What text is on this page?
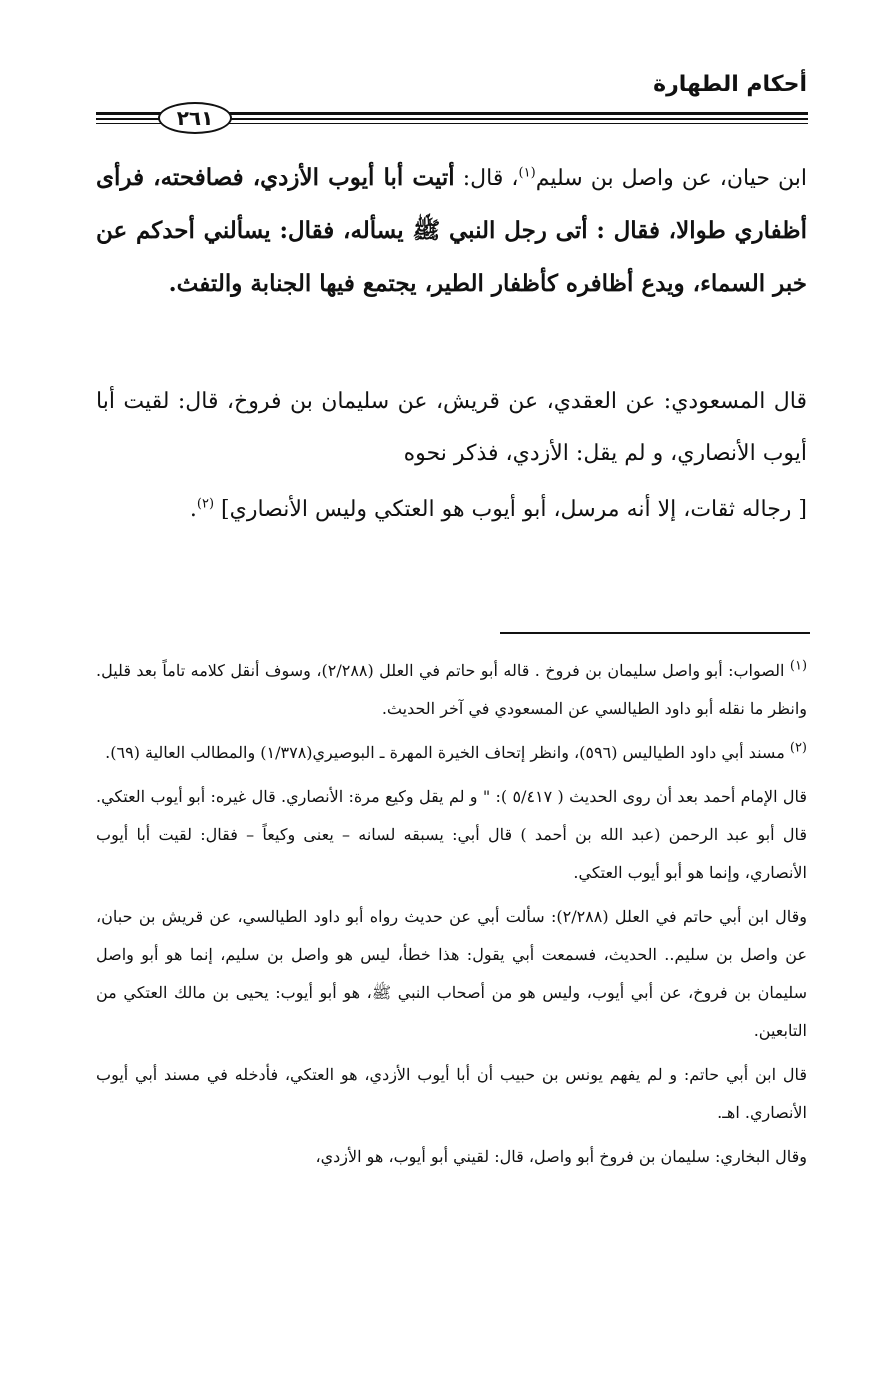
أحكام الطهارة
٢٦١

ابن حيان، عن واصل بن سليم$^{(١)}$، قال: أتيت أبا أيوب الأزدي، فصافحته، فرأى أظفاري طوالا، فقال : أتى رجل النبي ﷺ يسأله، فقال: يسألني أحدكم عن خبر السماء، ويدع أظافره كأظفار الطير، يجتمع فيها الجنابة والتفث.

قال المسعودي: عن العقدي، عن قريش، عن سليمان بن فروخ، قال: لقيت أبا أيوب الأنصاري، و لم يقل: الأزدي، فذكر نحوه

[ رجاله ثقات، إلا أنه مرسل، أبو أيوب هو العتكي وليس الأنصاري] $^{(٢)}$.

$^{(١)}$ الصواب: أبو واصل سليمان بن فروخ . قاله أبو حاتم في العلل (٢/٢٨٨)، وسوف أنقل كلامه تاماً بعد قليل. وانظر ما نقله أبو داود الطيالسي عن المسعودي في آخر الحديث.

$^{(٢)}$ مسند أبي داود الطياليس (٥٩٦)، وانظر إتحاف الخيرة المهرة ـ البوصيري(١/٣٧٨) والمطالب العالية (٦٩).

قال الإمام أحمد بعد أن روى الحديث ( ٥/٤١٧ ): " و لم يقل وكيع مرة: الأنصاري. قال غيره: أبو أيوب العتكي. قال أبو عبد الرحمن (عبد الله بن أحمد ) قال أبي: يسبقه لسانه – يعنى وكيعاً – فقال: لقيت أبا أيوب الأنصاري، وإنما هو أبو أيوب العتكي.

وقال ابن أبي حاتم في العلل (٢/٢٨٨): سألت أبي عن حديث رواه أبو داود الطيالسي، عن قريش بن حبان، عن واصل بن سليم.. الحديث، فسمعت أبي يقول: هذا خطأ، ليس هو واصل بن سليم، إنما هو أبو واصل سليمان بن فروخ، عن أبي أيوب، وليس هو من أصحاب النبي ﷺ، هو أبو أيوب: يحيى بن مالك العتكي من التابعين.

قال ابن أبي حاتم: و لم يفهم يونس بن حبيب أن أبا أيوب الأزدي، هو العتكي، فأدخله في مسند أبي أيوب الأنصاري. اهـ.

وقال البخاري: سليمان بن فروخ أبو واصل، قال: لقيني أبو أيوب، هو الأزدي،
